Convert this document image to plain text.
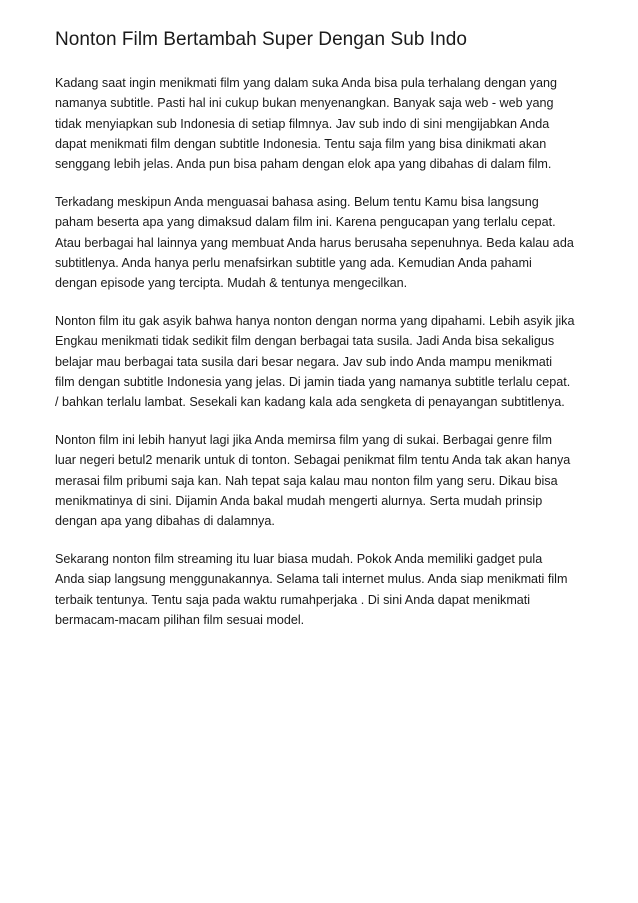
Nonton Film Bertambah Super Dengan Sub Indo

Kadang saat ingin menikmati film yang dalam suka Anda bisa pula terhalang dengan yang
namanya subtitle. Pasti hal ini cukup bukan menyenangkan. Banyak saja web - web yang
tidak menyiapkan sub Indonesia di setiap filmnya. Jav sub indo di sini mengijabkan Anda
dapat menikmati film dengan subtitle Indonesia. Tentu saja film yang bisa dinikmati akan
senggang lebih jelas. Anda pun bisa paham dengan elok apa yang dibahas di dalam film.

Terkadang meskipun Anda menguasai bahasa asing. Belum tentu Kamu bisa langsung
paham beserta apa yang dimaksud dalam film ini. Karena pengucapan yang terlalu cepat.
Atau berbagai hal lainnya yang membuat Anda harus berusaha sepenuhnya. Beda kalau ada
subtitlenya. Anda hanya perlu menafsirkan subtitle yang ada. Kemudian Anda pahami
dengan episode yang tercipta. Mudah & tentunya mengecilkan.

Nonton film itu gak asyik bahwa hanya nonton dengan norma yang dipahami. Lebih asyik jika
Engkau menikmati tidak sedikit film dengan berbagai tata susila. Jadi Anda bisa sekaligus
belajar mau berbagai tata susila dari besar negara. Jav sub indo Anda mampu menikmati
film dengan subtitle Indonesia yang jelas. Di jamin tiada yang namanya subtitle terlalu cepat.
/ bahkan terlalu lambat. Sesekali kan kadang kala ada sengketa di penayangan subtitlenya.

Nonton film ini lebih hanyut lagi jika Anda memirsa film yang di sukai. Berbagai genre film
luar negeri betul2 menarik untuk di tonton. Sebagai penikmat film tentu Anda tak akan hanya
merasai film pribumi saja kan. Nah tepat saja kalau mau nonton film yang seru. Dikau bisa
menikmatinya di sini. Dijamin Anda bakal mudah mengerti alurnya. Serta mudah prinsip
dengan apa yang dibahas di dalamnya.

Sekarang nonton film streaming itu luar biasa mudah. Pokok Anda memiliki gadget pula
Anda siap langsung menggunakannya. Selama tali internet mulus. Anda siap menikmati film
terbaik tentunya. Tentu saja pada waktu rumahperjaka . Di sini Anda dapat menikmati
bermacam-macam pilihan film sesuai model.
